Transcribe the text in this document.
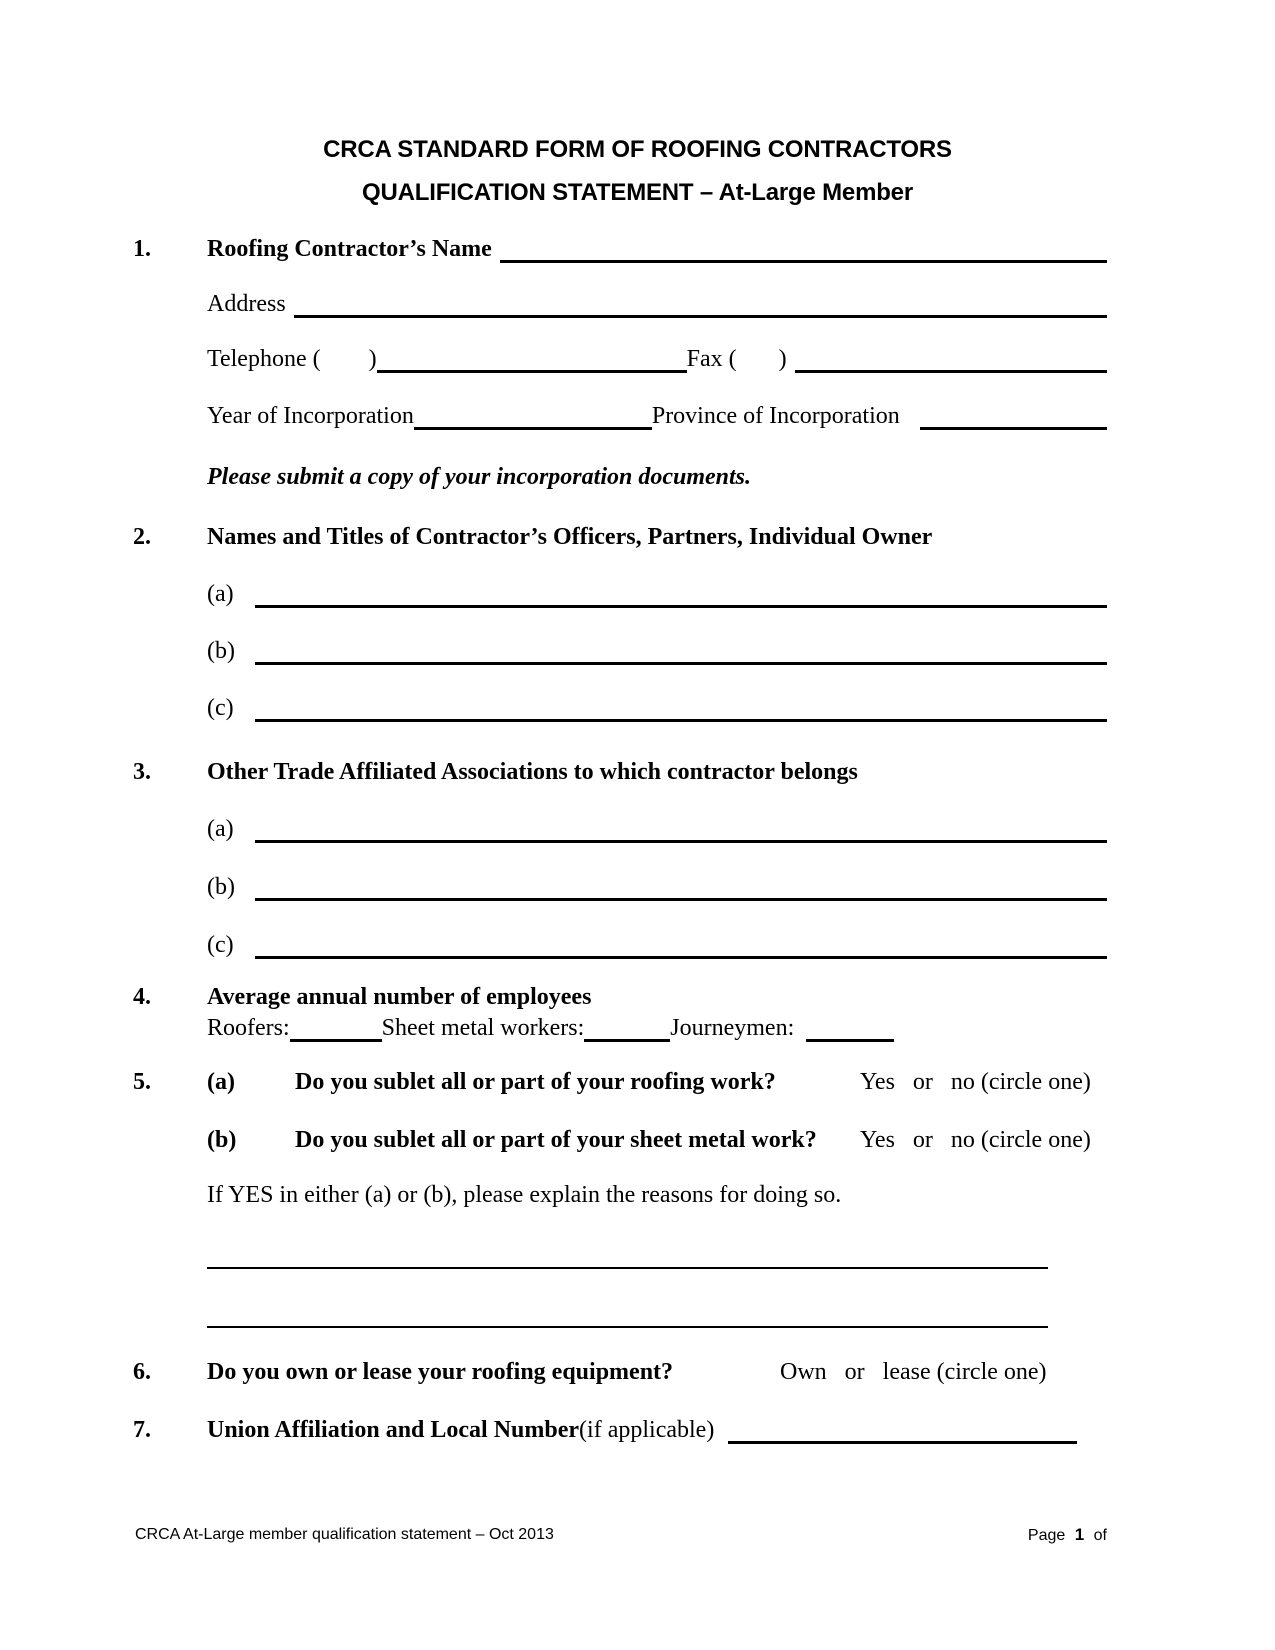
CRCA STANDARD FORM OF ROOFING CONTRACTORS
QUALIFICATION STATEMENT – At-Large Member
1.	Roofing Contractor’s Name
Address
Telephone (        )	Fax (       )
Year of Incorporation	Province of Incorporation
Please submit a copy of your incorporation documents.
2.	Names and Titles of Contractor’s Officers, Partners, Individual Owner
(a)
(b)
(c)
3.	Other Trade Affiliated Associations to which contractor belongs
(a)
(b)
(c)
4.	Average annual number of employees
Roofers:	Sheet metal workers:	Journeymen:
5.	(a)	Do you sublet all or part of your roofing work?	Yes   or   no (circle one)
(b)	Do you sublet all or part of your sheet metal work? Yes   or   no (circle one)
If YES in either (a) or (b), please explain the reasons for doing so.
6.	Do you own or lease your roofing equipment?	Own   or   lease (circle one)
7.	Union Affiliation and Local Number (if applicable)
CRCA At-Large member qualification statement – Oct 2013	Page 1 of
